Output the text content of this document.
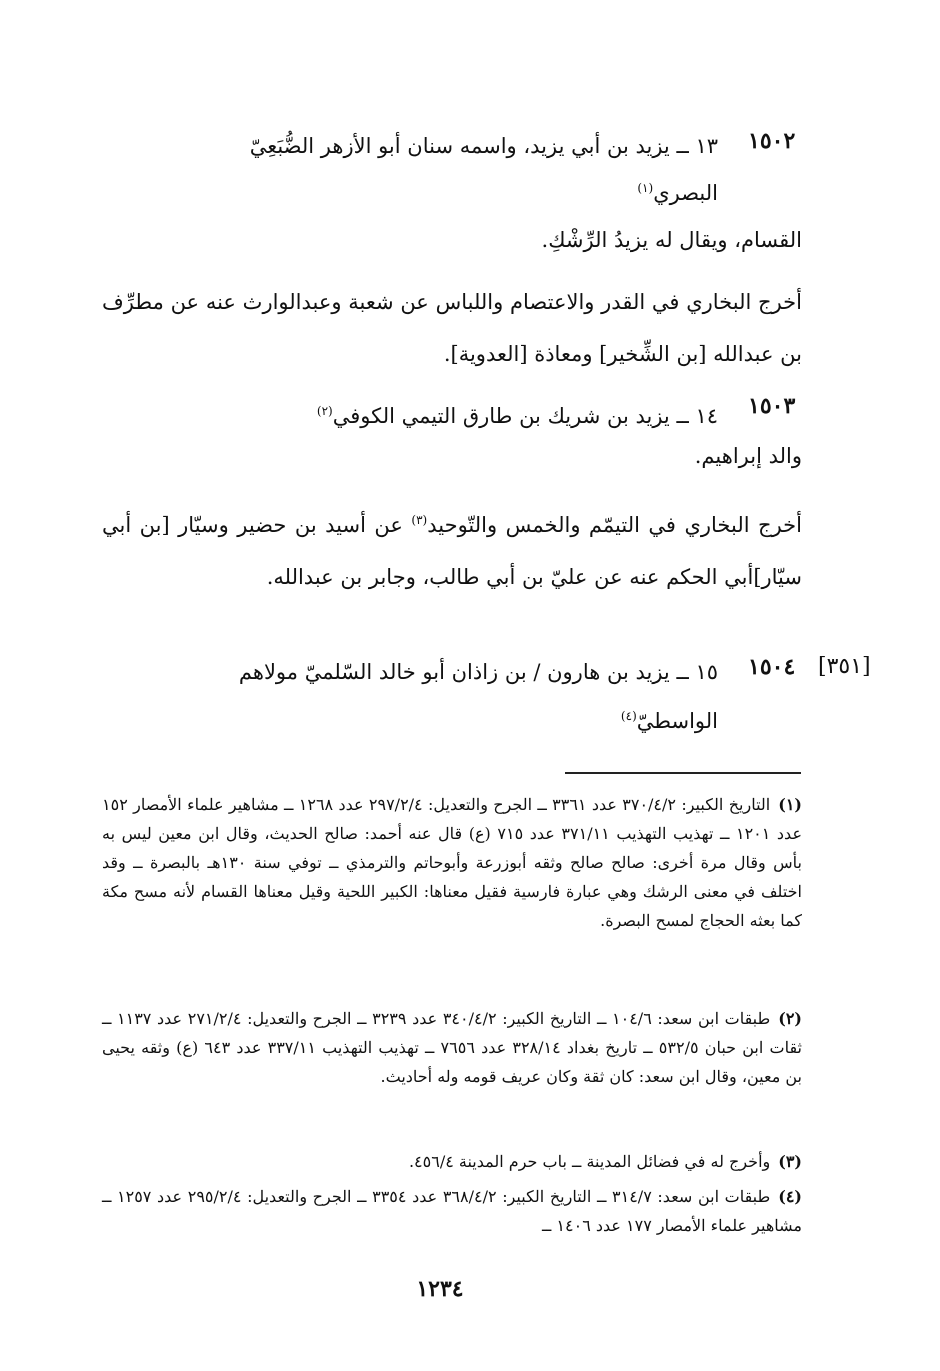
١٥٠٢
١٣ ــ يزيد بن أبي يزيد، واسمه سنان أبو الأزهر الضُّبَعِيّ
البصري$^{(١)}$
القسام، ويقال له يزيدُ الرِّشْكِ.
أخرج البخاري في القدر والاعتصام واللباس عن شعبة وعبدالوارث عنه عن مطرِّف بن عبدالله [بن الشِّخير] ومعاذة [العدوية].
١٥٠٣
١٤ ــ يزيد بن شريك بن طارق التيمي الكوفي$^{(٢)}$
والد إبراهيم.
أخرج البخاري في التيمّم والخمس والتّوحيد$^{(٣)}$ عن أسيد بن حضير وسيّار [بن أبي سيّار]أبي الحكم عنه عن عليّ بن أبي طالب، وجابر بن عبدالله.
[٣٥١]
١٥٠٤
١٥ ــ يزيد بن هارون / بن زاذان أبو خالد السّلميّ مولاهم
الواسطيّ$^{(٤)}$
(١)التاريخ الكبير: ٣٧٠/٤/٢ عدد ٣٣٦١ ــ الجرح والتعديل: ٢٩٧/٢/٤ عدد ١٢٦٨ ــ مشاهير علماء الأمصار ١٥٢ عدد ١٢٠١ ــ تهذيب التهذيب ٣٧١/١١ عدد ٧١٥ (ع) قال عنه أحمد: صالح الحديث، وقال ابن معين ليس به بأس وقال مرة أخرى: صالح صالح وثقه أبوزرعة وأبوحاتم والترمذي ــ توفي سنة ١٣٠هـ بالبصرة ــ وقد اختلف في معنى الرشك وهي عبارة فارسية فقيل معناها: الكبير اللحية وقيل معناها القسام لأنه مسح مكة كما بعثه الحجاج لمسح البصرة.
(٢)طبقات ابن سعد: ١٠٤/٦ ــ التاريخ الكبير: ٣٤٠/٤/٢ عدد ٣٢٣٩ ــ الجرح والتعديل: ٢٧١/٢/٤ عدد ١١٣٧ ــ ثقات ابن حبان ٥٣٢/٥ ــ تاريخ بغداد ٣٢٨/١٤ عدد ٧٦٥٦ ــ تهذيب التهذيب ٣٣٧/١١ عدد ٦٤٣ (ع) وثقه يحيى بن معين، وقال ابن سعد: كان ثقة وكان عريف قومه وله أحاديث.
(٣)وأخرج له في فضائل المدينة ــ باب حرم المدينة ٤٥٦/٤.
(٤)طبقات ابن سعد: ٣١٤/٧ ــ التاريخ الكبير: ٣٦٨/٤/٢ عدد ٣٣٥٤ ــ الجرح والتعديل: ٢٩٥/٢/٤ عدد ١٢٥٧ ــ مشاهير علماء الأمصار ١٧٧ عدد ١٤٠٦ ــ
١٢٣٤
